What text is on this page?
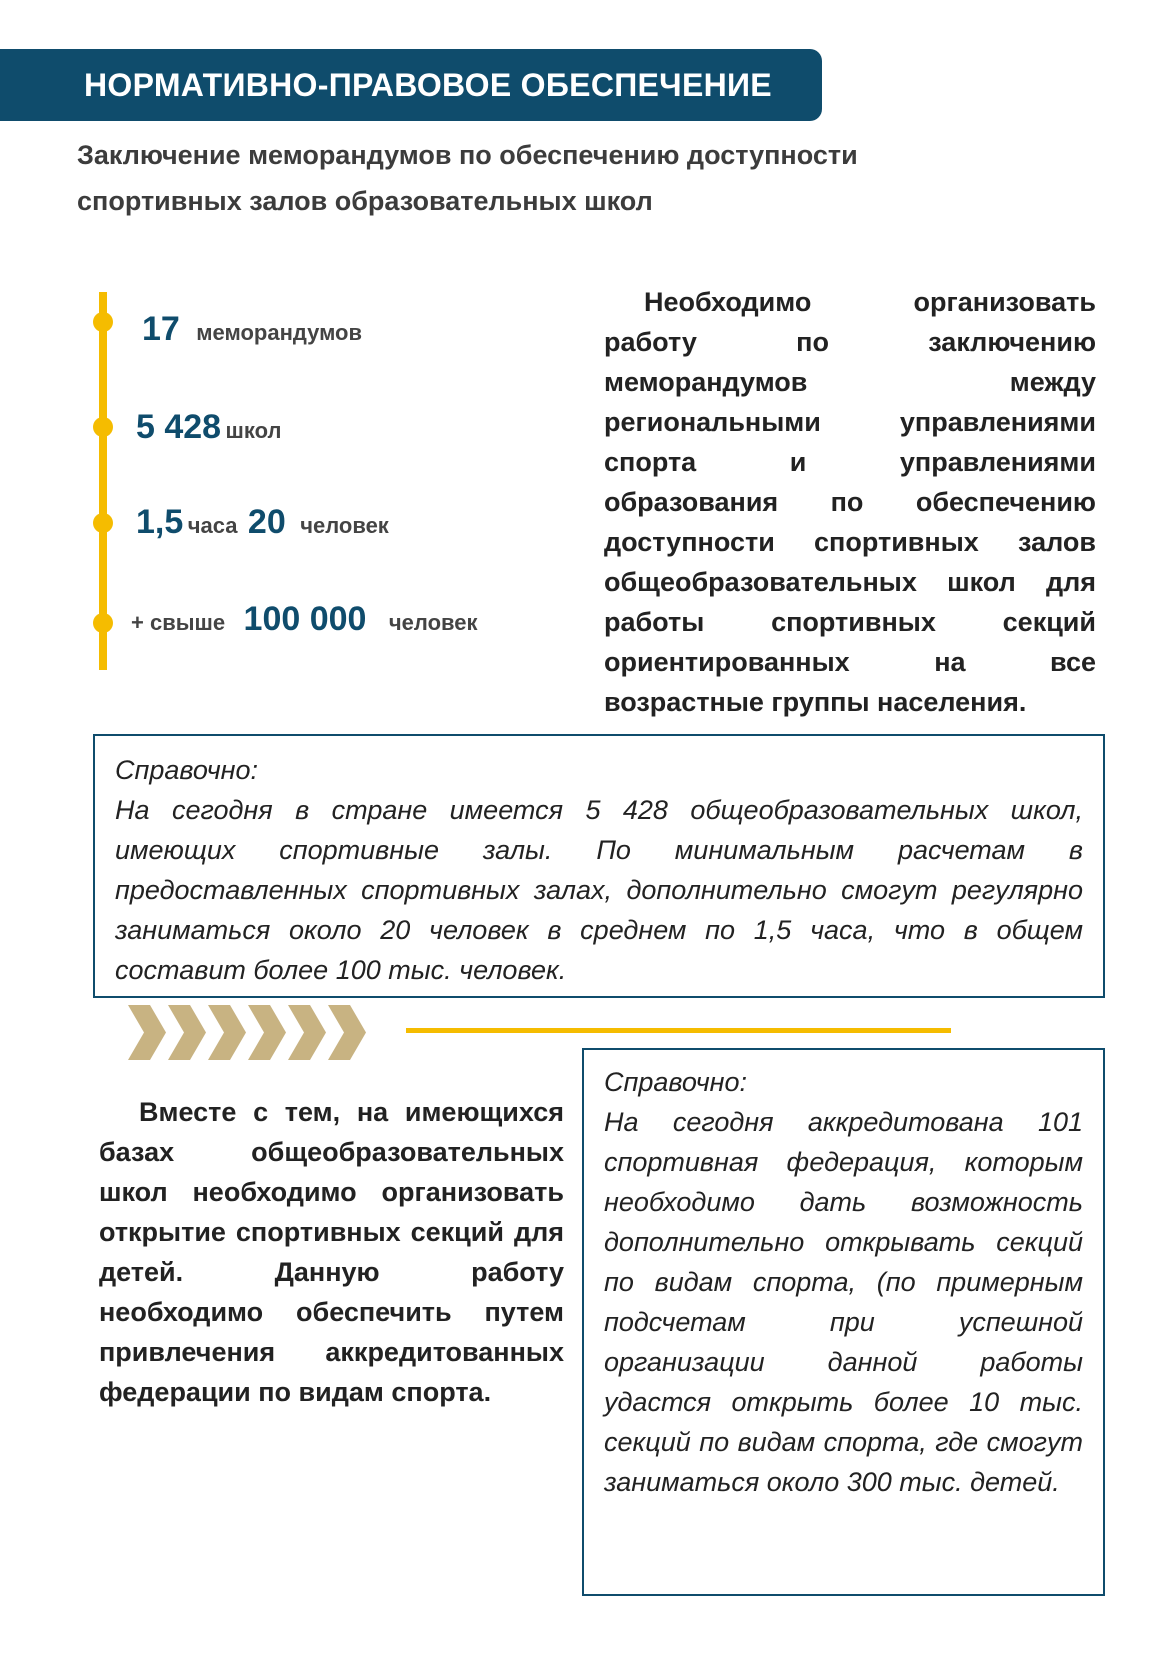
НОРМАТИВНО-ПРАВОВОЕ ОБЕСПЕЧЕНИЕ
Заключение меморандумов по обеспечению доступности
спортивных залов образовательных школ
17 меморандумов
5 428 школ
1,5 часа 20 человек
+ свыше 100 000 человек

Необходимо организовать работу по заключению меморандумов между региональными управлениями спорта и управлениями образования по обеспечению доступности спортивных залов общеобразовательных школ для работы спортивных секций ориентированных на все возрастные группы населения.

Справочно:

На сегодня в стране имеется 5 428 общеобразовательных школ, имеющих спортивные залы. По минимальным расчетам в предоставленных спортивных залах, дополнительно смогут регулярно заниматься около 20 человек в среднем по 1,5 часа, что в общем составит более 100 тыс. человек.

Вместе с тем, на имеющихся базах общеобразовательных школ необходимо организовать открытие спортивных секций для детей. Данную работу необходимо обеспечить путем привлечения аккредитованных федерации по видам спорта.

Справочно:

На сегодня аккредитована 101 спортивная федерация, которым необходимо дать возможность дополнительно открывать секций по видам спорта, (по примерным подсчетам при успешной организации данной работы удастся открыть более 10 тыс. секций по видам спорта, где смогут заниматься около 300 тыс. детей.
